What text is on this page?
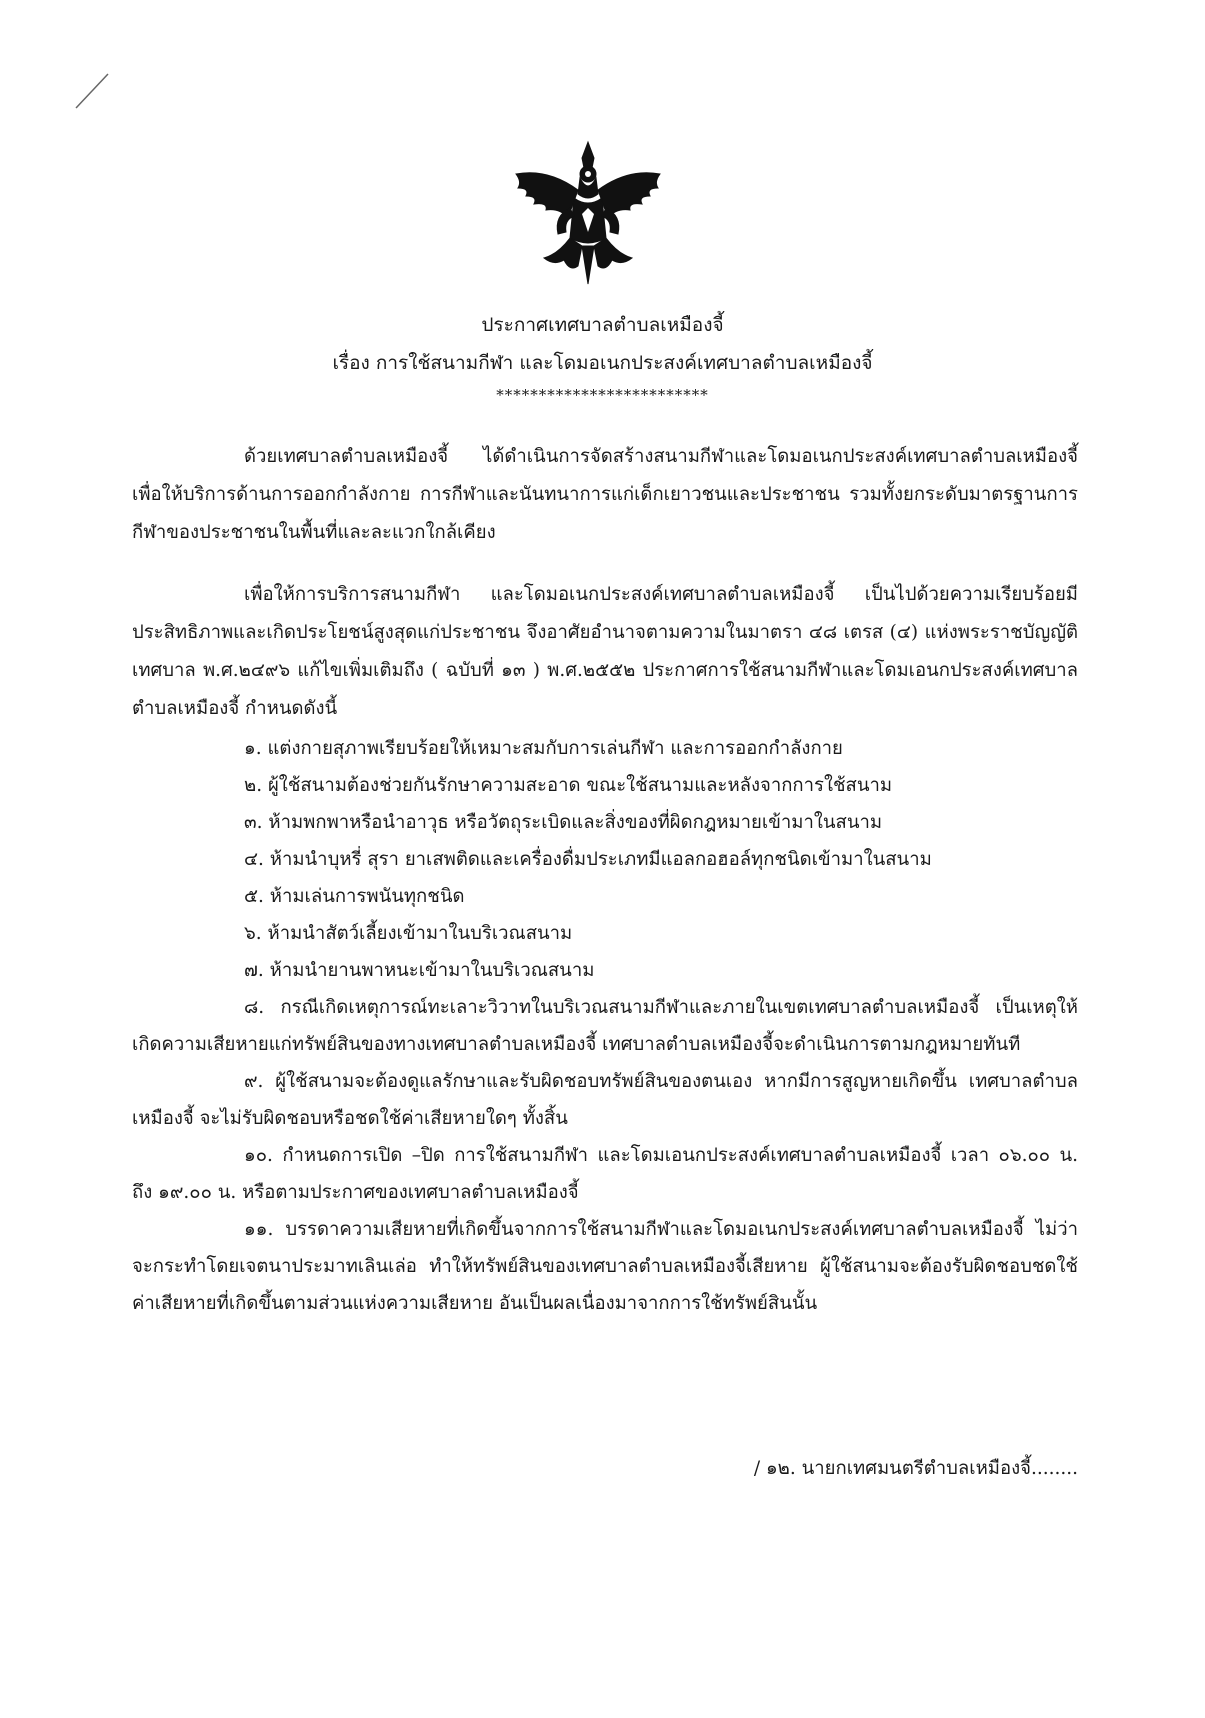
ประกาศเทศบาลตำบลเหมืองจี้
เรื่อง การใช้สนามกีฬา และโดมอเนกประสงค์เทศบาลตำบลเหมืองจี้
*************************
ด้วยเทศบาลตำบลเหมืองจี้ ได้ดำเนินการจัดสร้างสนามกีฬาและโดมอเนกประสงค์เทศบาลตำบลเหมืองจี้ เพื่อให้บริการด้านการออกกำลังกาย การกีฬาและนันทนาการแก่เด็กเยาวชนและประชาชน รวมทั้งยกระดับมาตรฐานการกีฬาของประชาชนในพื้นที่และละแวกใกล้เคียง
เพื่อให้การบริการสนามกีฬา และโดมอเนกประสงค์เทศบาลตำบลเหมืองจี้ เป็นไปด้วยความเรียบร้อยมีประสิทธิภาพและเกิดประโยชน์สูงสุดแก่ประชาชน จึงอาศัยอำนาจตามความในมาตรา ๔๘ เตรส (๔) แห่งพระราชบัญญัติเทศบาล พ.ศ.๒๔๙๖ แก้ไขเพิ่มเติมถึง ( ฉบับที่ ๑๓ ) พ.ศ.๒๕๕๒ ประกาศการใช้สนามกีฬาและโดมเอนกประสงค์เทศบาลตำบลเหมืองจี้ กำหนดดังนี้
๑. แต่งกายสุภาพเรียบร้อยให้เหมาะสมกับการเล่นกีฬา และการออกกำลังกาย
๒. ผู้ใช้สนามต้องช่วยกันรักษาความสะอาด ขณะใช้สนามและหลังจากการใช้สนาม
๓. ห้ามพกพาหรือนำอาวุธ หรือวัตถุระเบิดและสิ่งของที่ผิดกฎหมายเข้ามาในสนาม
๔. ห้ามนำบุหรี่ สุรา ยาเสพติดและเครื่องดื่มประเภทมีแอลกอฮอล์ทุกชนิดเข้ามาในสนาม
๕. ห้ามเล่นการพนันทุกชนิด
๖. ห้ามนำสัตว์เลี้ยงเข้ามาในบริเวณสนาม
๗. ห้ามนำยานพาหนะเข้ามาในบริเวณสนาม
๘. กรณีเกิดเหตุการณ์ทะเลาะวิวาทในบริเวณสนามกีฬาและภายในเขตเทศบาลตำบลเหมืองจี้ เป็นเหตุให้เกิดความเสียหายแก่ทรัพย์สินของทางเทศบาลตำบลเหมืองจี้ เทศบาลตำบลเหมืองจี้จะดำเนินการตามกฎหมายทันที
๙. ผู้ใช้สนามจะต้องดูแลรักษาและรับผิดชอบทรัพย์สินของตนเอง หากมีการสูญหายเกิดขึ้น เทศบาลตำบลเหมืองจี้ จะไม่รับผิดชอบหรือชดใช้ค่าเสียหายใดๆ ทั้งสิ้น
๑๐. กำหนดการเปิด –ปิด การใช้สนามกีฬา และโดมเอนกประสงค์เทศบาลตำบลเหมืองจี้ เวลา ๐๖.๐๐ น. ถึง ๑๙.๐๐ น. หรือตามประกาศของเทศบาลตำบลเหมืองจี้
๑๑. บรรดาความเสียหายที่เกิดขึ้นจากการใช้สนามกีฬาและโดมอเนกประสงค์เทศบาลตำบลเหมืองจี้ ไม่ว่าจะกระทำโดยเจตนาประมาทเลินเล่อ ทำให้ทรัพย์สินของเทศบาลตำบลเหมืองจี้เสียหาย ผู้ใช้สนามจะต้องรับผิดชอบชดใช้ค่าเสียหายที่เกิดขึ้นตามส่วนแห่งความเสียหาย อันเป็นผลเนื่องมาจากการใช้ทรัพย์สินนั้น
/ ๑๒. นายกเทศมนตรีตำบลเหมืองจี้........
